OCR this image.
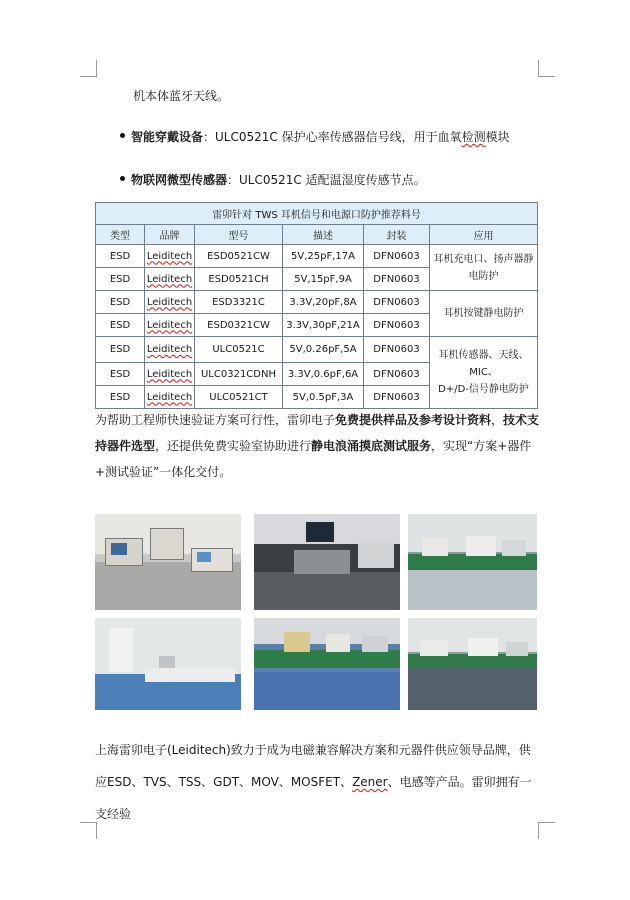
机本体蓝牙天线。
智能穿戴设备：ULC0521C 保护心率传感器信号线，用于血氧检测模块
物联网微型传感器：ULC0521C 适配温湿度传感节点。
雷卯针对 TWS 耳机信号和电源口防护推荐料号					
类型	品牌	型号	描述	封装	应用
ESD	Leiditech	ESD0521CW	5V,25pF,17A	DFN0603	耳机充电口、扬声器静
电防护
ESD	Leiditech	ESD0521CH	5V,15pF,9A	DFN0603	
ESD	Leiditech	ESD3321C	3.3V,20pF,8A	DFN0603	耳机按键静电防护
ESD	Leiditech	ESD0321CW	3.3V,30pF,21A	DFN0603	
ESD	Leiditech	ULC0521C	5V,0.26pF,5A	DFN0603	耳机传感器、天线、MIC、
D+/D-信号静电防护
ESD	Leiditech	ULC0321CDNH	3.3V,0.6pF,6A	DFN0603	
ESD	Leiditech	ULC0521CT	5V,0.5pF,3A	DFN0603	
为帮助工程师快速验证方案可行性，雷卯电子免费提供样品及参考设计资料，技术支持器件选型，还提供免费实验室协助进行静电浪涌摸底测试服务，实现“方案+器件+测试验证”一体化交付。
上海雷卯电子(Leiditech)致力于成为电磁兼容解决方案和元器件供应领导品牌，供应ESD、TVS、TSS、GDT、MOV、MOSFET、Zener、电感等产品。雷卯拥有一支经验
